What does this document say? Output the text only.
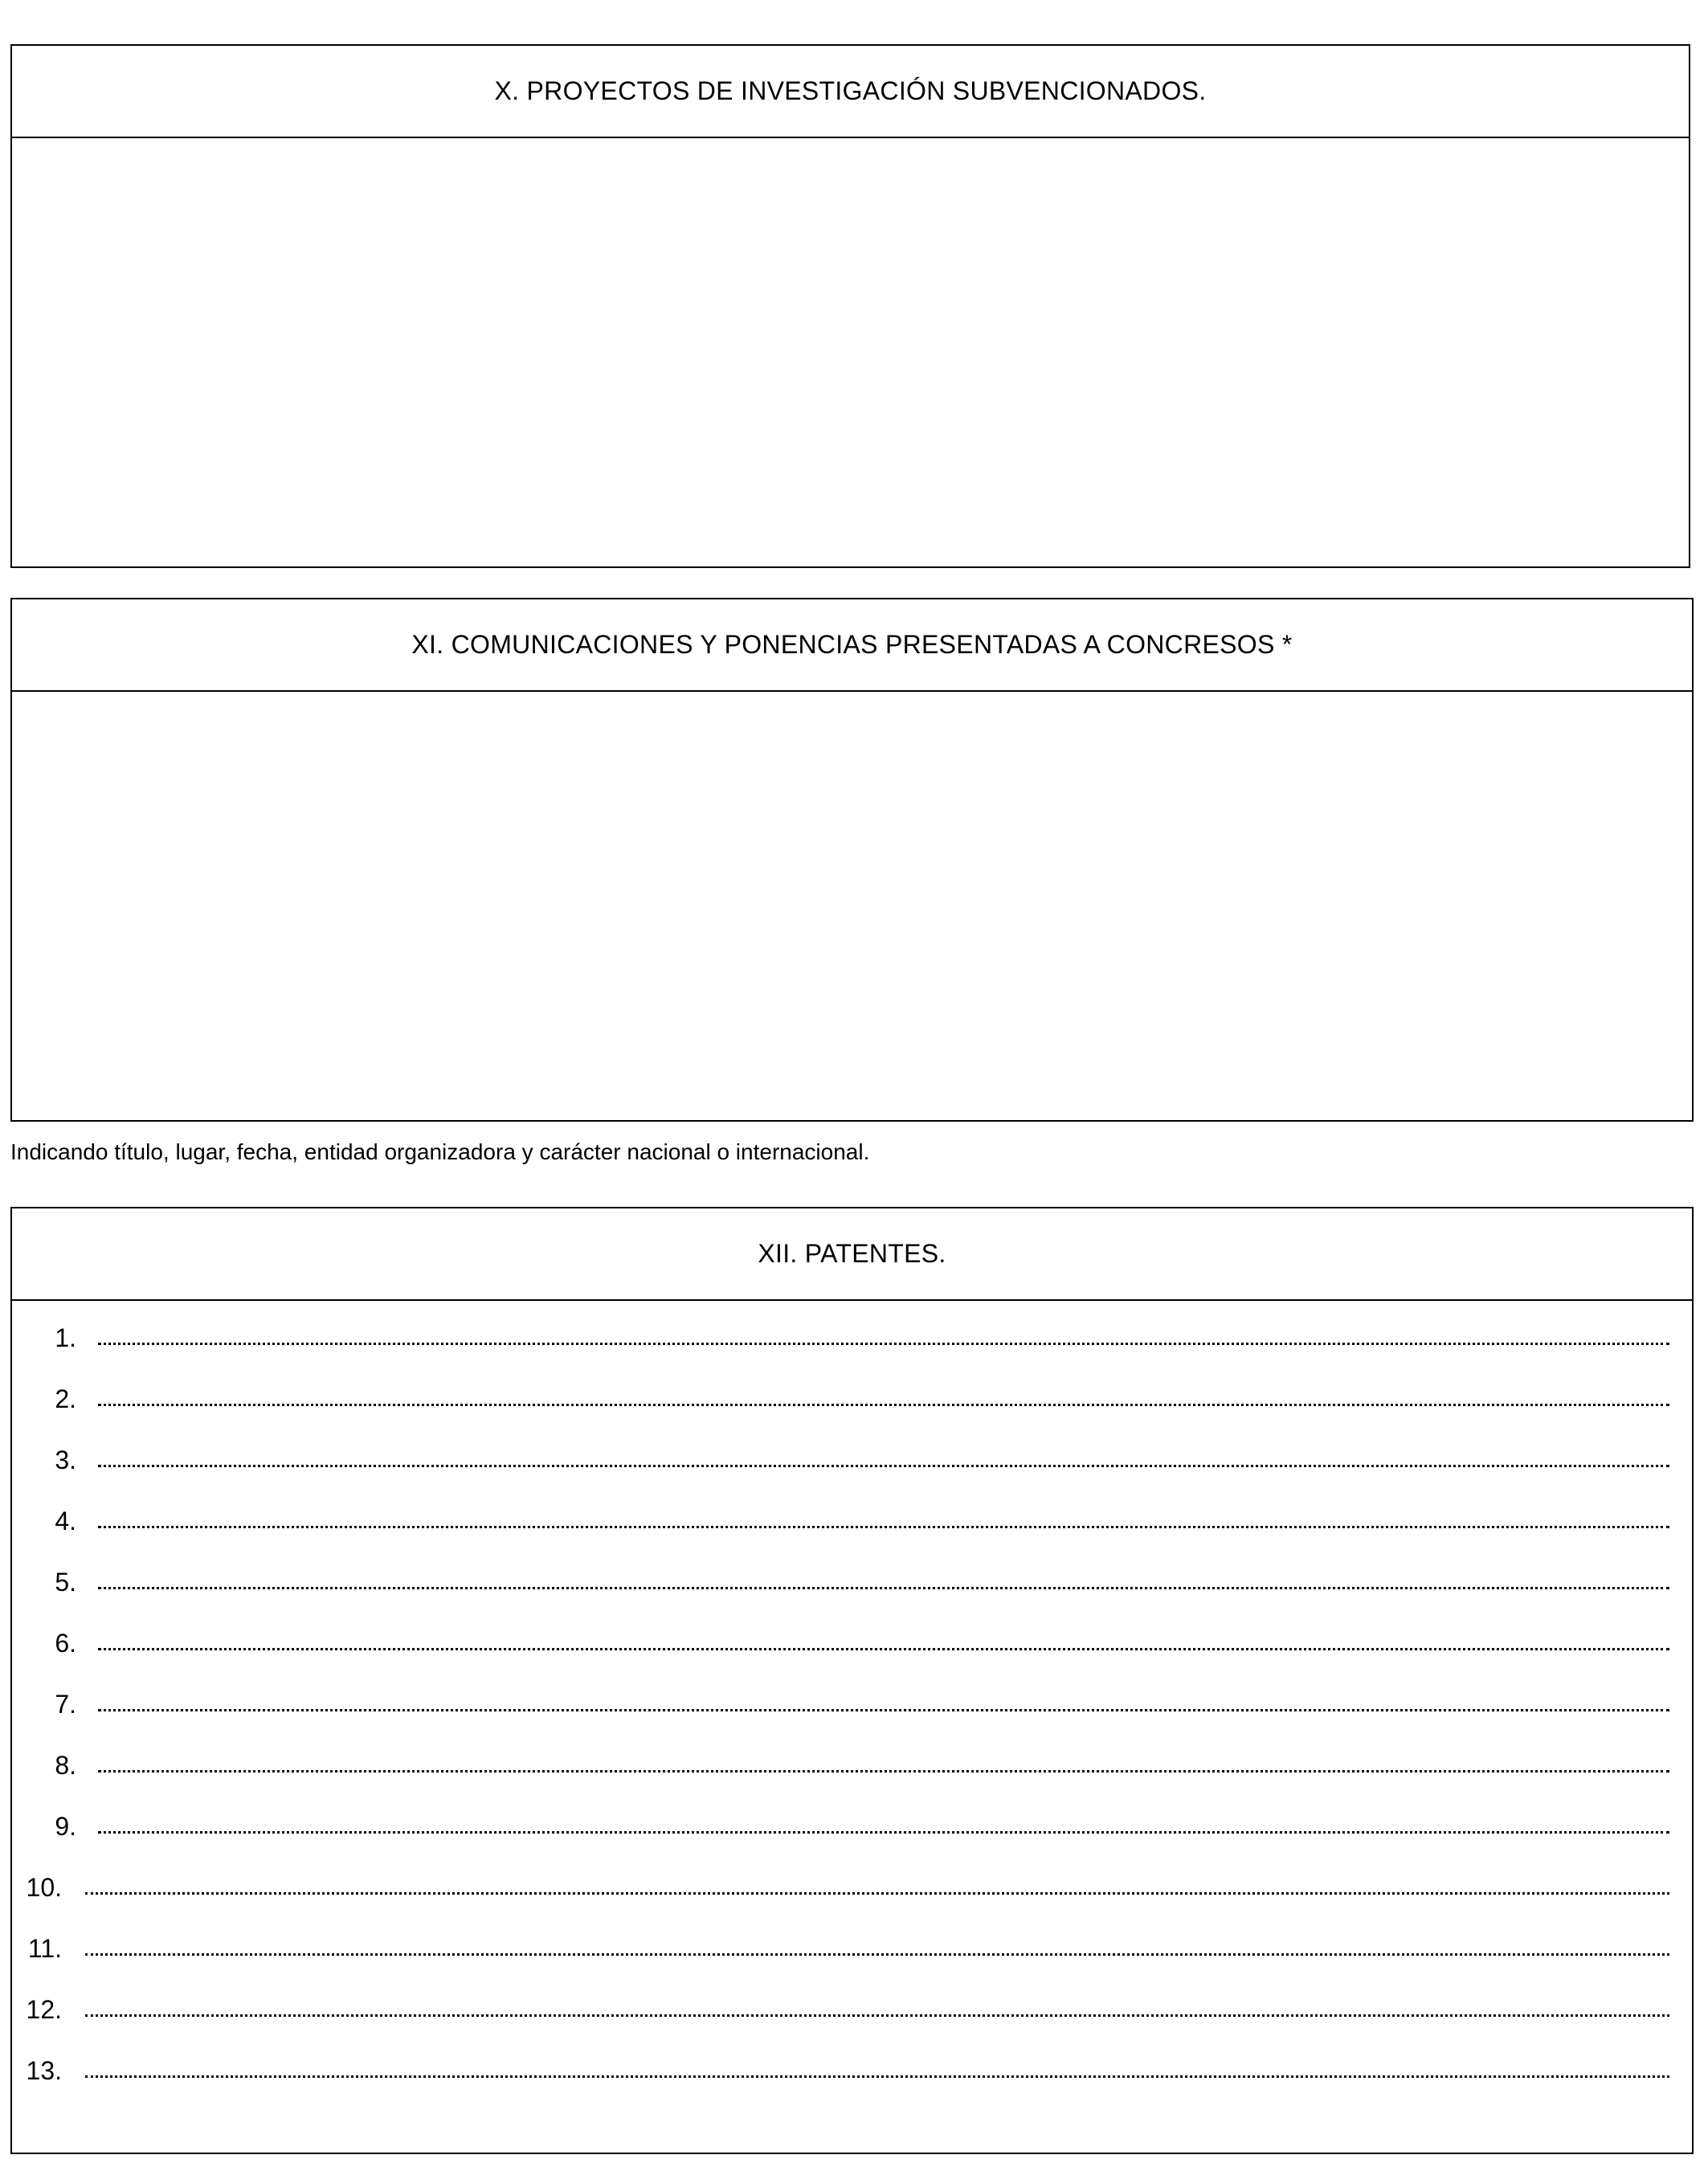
X. PROYECTOS DE INVESTIGACIÓN SUBVENCIONADOS.
XI. COMUNICACIONES Y PONENCIAS PRESENTADAS A CONCRESOS *
Indicando título, lugar, fecha, entidad organizadora y carácter nacional o internacional.
XII. PATENTES.
1.
2.
3.
4.
5.
6.
7.
8.
9.
10.
11.
12.
13.
